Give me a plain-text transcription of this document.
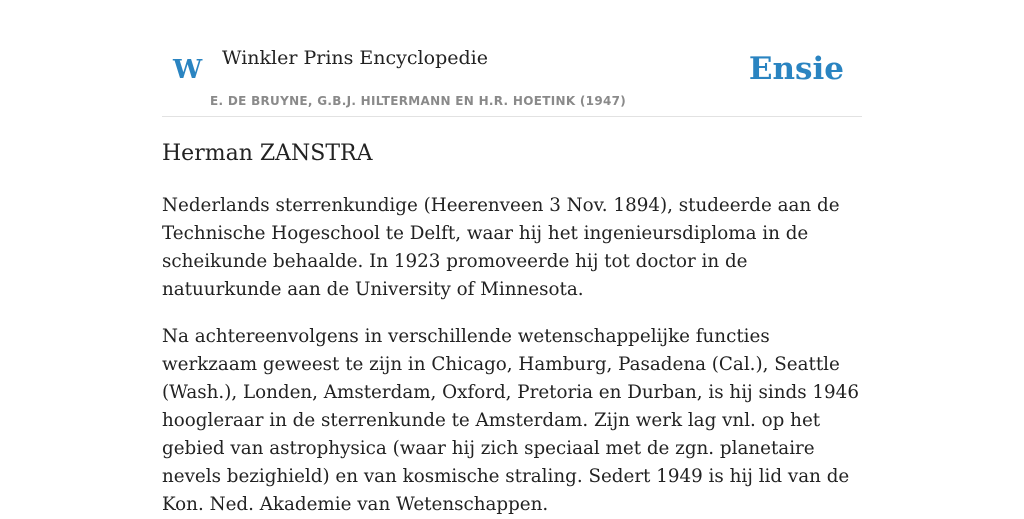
W Winkler Prins Encyclopedie
E. DE BRUYNE, G.B.J. HILTERMANN EN H.R. HOETINK (1947)
Ensie
Herman ZANSTRA

Nederlands sterrenkundige (Heerenveen 3 Nov. 1894), studeerde aan de Technische Hogeschool te Delft, waar hij het ingenieursdiploma in de scheikunde behaalde. In 1923 promoveerde hij tot doctor in de natuurkunde aan de University of Minnesota.

Na achtereenvolgens in verschillende wetenschappelijke functies werkzaam geweest te zijn in Chicago, Hamburg, Pasadena (Cal.), Seattle (Wash.), Londen, Amsterdam, Oxford, Pretoria en Durban, is hij sinds 1946 hoogleraar in de sterrenkunde te Amsterdam. Zijn werk lag vnl. op het gebied van astrophysica (waar hij zich speciaal met de zgn. planetaire nevels bezighield) en van kosmische straling. Sedert 1949 is hij lid van de Kon. Ned. Akademie van Wetenschappen.
